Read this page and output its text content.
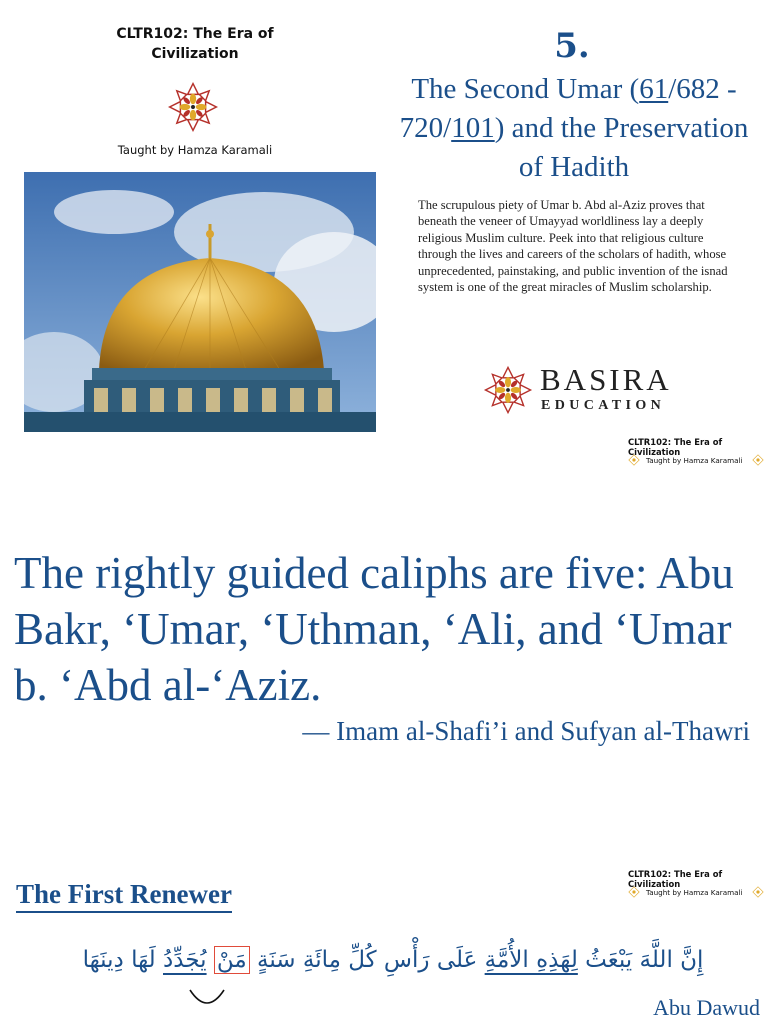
CLTR102: The Era of Civilization
Taught by Hamza Karamali
5.
The Second Umar (61/682 - 720/101) and the Preservation of Hadith
The scrupulous piety of Umar b. Abd al-Aziz proves that beneath the veneer of Umayyad worldliness lay a deeply religious Muslim culture. Peek into that religious culture through the lives and careers of the scholars of hadith, whose unprecedented, painstaking, and public invention of the isnad system is one of the great miracles of Muslim scholarship.
BASIRA
EDUCATION
CLTR102: The Era of Civilization
Taught by Hamza Karamali
The rightly guided caliphs are five: Abu Bakr, ‘Umar, ‘Uthman, ‘Ali, and ‘Umar b. ‘Abd al-‘Aziz.
— Imam al-Shafi’i and Sufyan al-Thawri
CLTR102: The Era of Civilization
Taught by Hamza Karamali
The First Renewer
إِنَّ اللَّهَ يَبْعَثُ لِهَذِهِ الأُمَّةِ عَلَى رَأْسِ كُلِّ مِائَةِ سَنَةٍ مَنْ يُجَدِّدُ لَهَا دِينَهَا
Abu Dawud
